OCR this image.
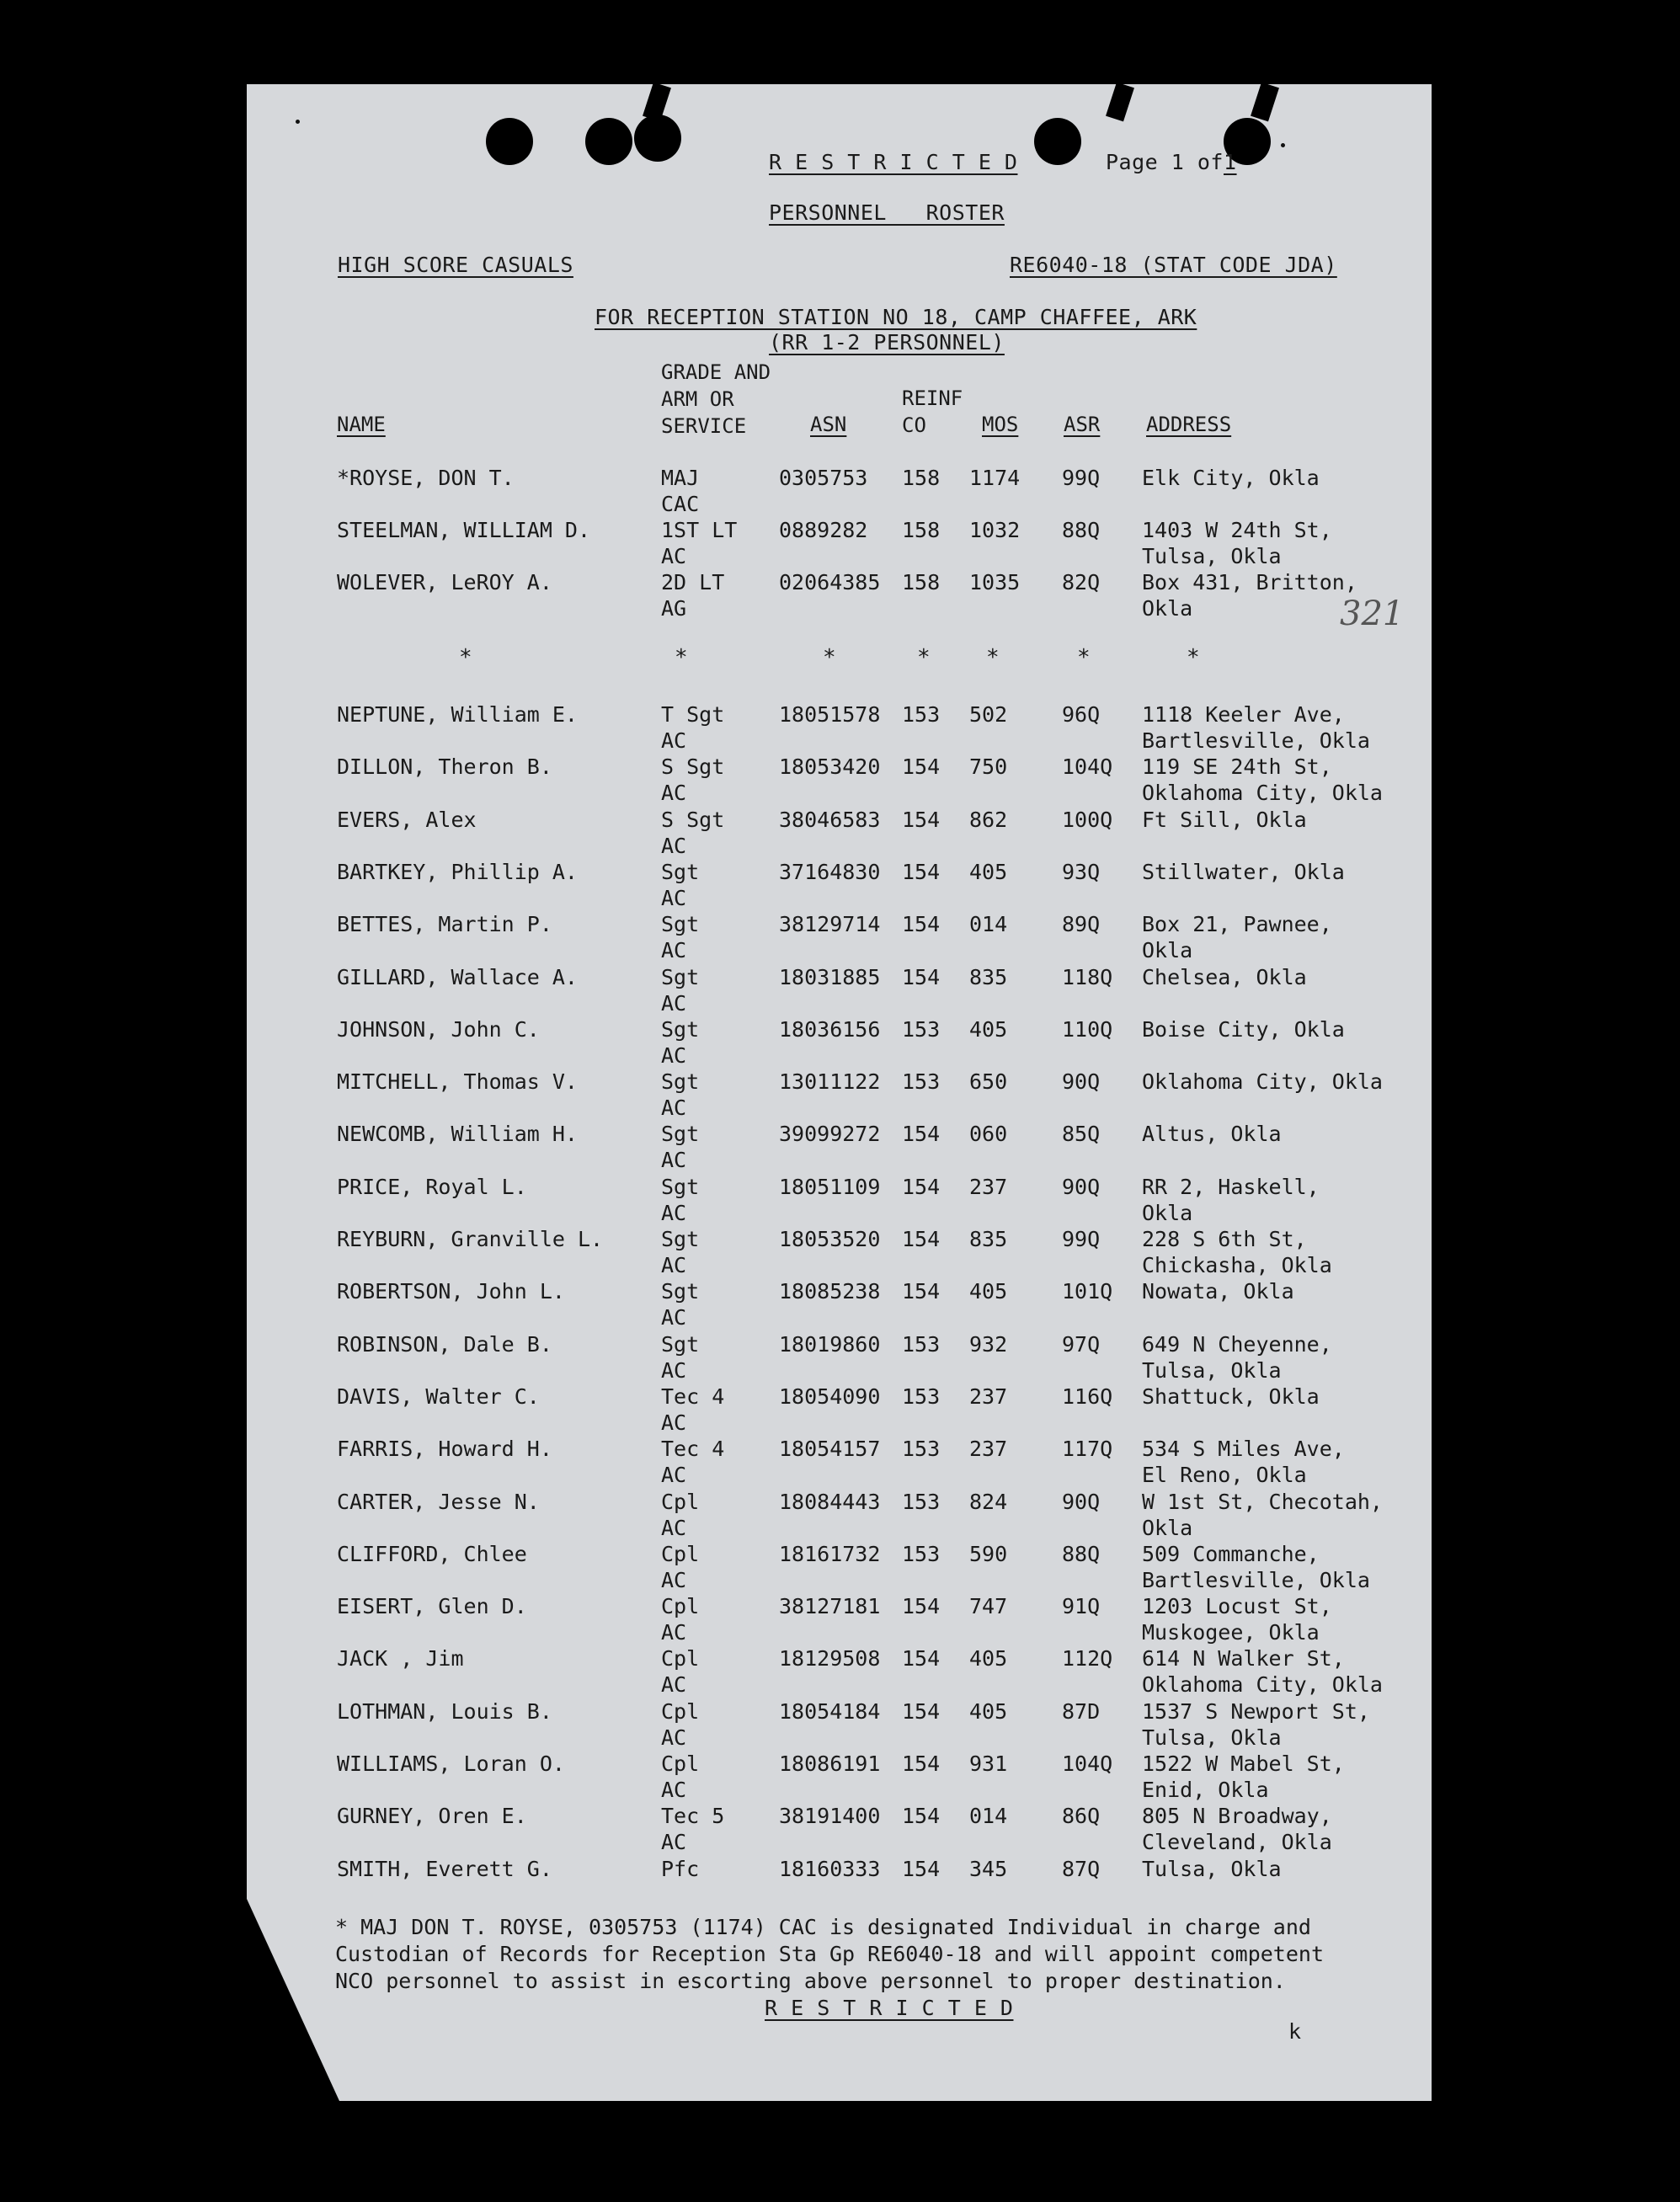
R E S T R I C T E D	Page 1 of 1
PERSONNEL   ROSTER
HIGH SCORE CASUALS	RE6040-18 (STAT CODE JDA)
FOR RECEPTION STATION NO 18, CAMP CHAFFEE, ARK
(RR 1-2 PERSONNEL)
NAME
GRADE AND
ARM OR
SERVICE	ASN
REINF
CO	MOS ASR ADDRESS
*ROYSE, DON T.	MAJ	0305753 158 1174 99Q Elk City, Okla
CAC
STEELMAN, WILLIAM D.	1ST LT 0889282 158 1032 88Q 1403 W 24th St,
AC	Tulsa, Okla
WOLEVER, LeROY A.	2D LT	02064385 158 1035 82Q Box 431, Britton,
AG	Okla	321
*	*	*	*	*	*	*
NEPTUNE, William E.	T Sgt	18051578 153 502	96Q 1118 Keeler Ave,
AC	Bartlesville, Okla
DILLON, Theron B.	S Sgt	18053420 154 750	104Q 119 SE 24th St,
AC	Oklahoma City, Okla
EVERS, Alex	S Sgt	38046583 154 862	100Q Ft Sill, Okla
AC
BARTKEY, Phillip A.	Sgt	37164830 154 405	93Q Stillwater, Okla
AC
BETTES, Martin P.	Sgt	38129714 154 014	89Q Box 21, Pawnee,
AC	Okla
GILLARD, Wallace A.	Sgt	18031885 154 835	118Q Chelsea, Okla
AC
JOHNSON, John C.	Sgt	18036156 153 405	110Q Boise City, Okla
AC
MITCHELL, Thomas V.	Sgt	13011122 153 650	90Q Oklahoma City, Okla
AC
NEWCOMB, William H.	Sgt	39099272 154 060	85Q Altus, Okla
AC
PRICE, Royal L.	Sgt	18051109 154 237	90Q RR 2, Haskell,
AC	Okla
REYBURN, Granville L.	Sgt	18053520 154 835	99Q 228 S 6th St,
AC	Chickasha, Okla
ROBERTSON, John L.	Sgt	18085238 154 405	101Q Nowata, Okla
AC
ROBINSON, Dale B.	Sgt	18019860 153 932	97Q 649 N Cheyenne,
AC	Tulsa, Okla
DAVIS, Walter C.	Tec 4	18054090 153 237	116Q Shattuck, Okla
AC
FARRIS, Howard H.	Tec 4	18054157 153 237	117Q 534 S Miles Ave,
AC	El Reno, Okla
CARTER, Jesse N.	Cpl	18084443 153 824	90Q W 1st St, Checotah,
AC	Okla
CLIFFORD, Chlee	Cpl	18161732 153 590	88Q 509 Commanche,
AC	Bartlesville, Okla
EISERT, Glen D.	Cpl	38127181 154 747	91Q 1203 Locust St,
AC	Muskogee, Okla
JACK , Jim	Cpl	18129508 154 405	112Q 614 N Walker St,
AC	Oklahoma City, Okla
LOTHMAN, Louis B.	Cpl	18054184 154 405	87D 1537 S Newport St,
AC	Tulsa, Okla
WILLIAMS, Loran O.	Cpl	18086191 154 931	104Q 1522 W Mabel St,
AC	Enid, Okla
GURNEY, Oren E.	Tec 5	38191400 154 014	86Q 805 N Broadway,
AC	Cleveland, Okla
SMITH, Everett G.	Pfc	18160333 154 345	87Q Tulsa, Okla
* MAJ DON T. ROYSE, 0305753 (1174) CAC is designated Individual in charge and
Custodian of Records for Reception Sta Gp RE6040-18 and will appoint competent
NCO personnel to assist in escorting above personnel to proper destination.
R E S T R I C T E D
k
